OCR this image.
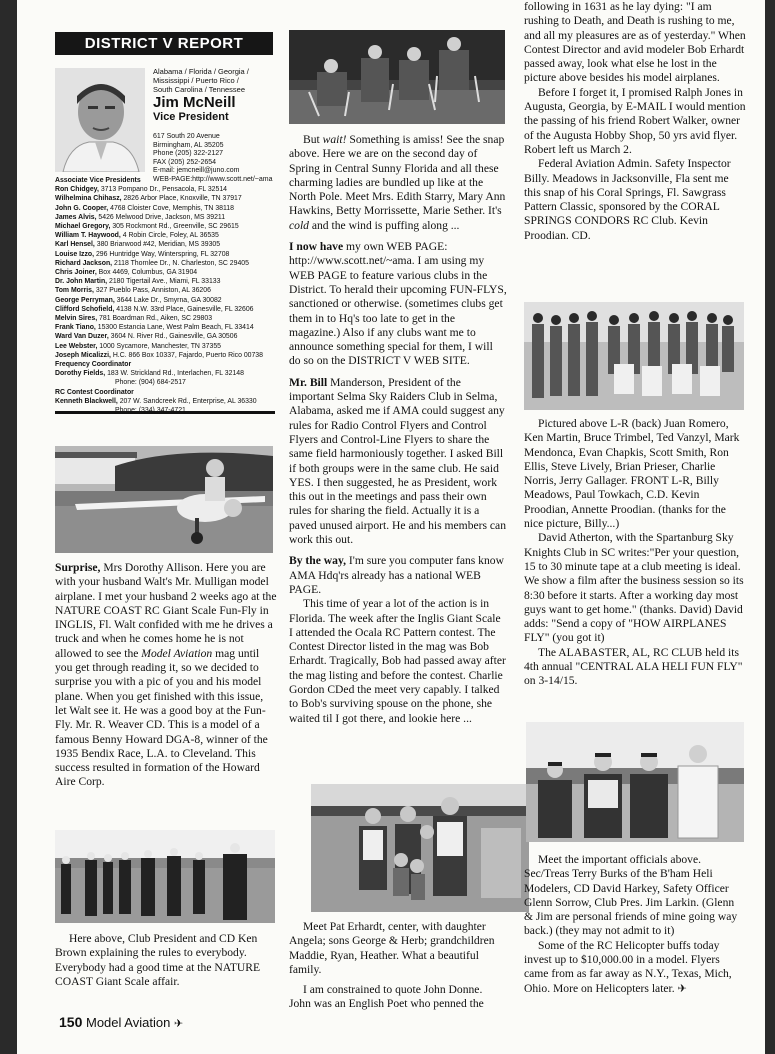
DISTRICT V REPORT
Alabama / Florida / Georgia /
Mississippi / Puerto Rico /
South Carolina / Tennessee
Jim McNeill
Vice President
617 South 20 Avenue
Birmingham, AL 35205
Phone (205) 322-2127
FAX (205) 252-2654
E-mail: jemcneill@juno.com
WEB-PAGE:http://www.scott.net/~ama
Associate Vice Presidents
Ron Chidgey, 3713 Pompano Dr., Pensacola, FL 32514
Wilhelmina Chihasz, 2826 Arbor Place, Knoxville, TN 37917
John G. Cooper, 4768 Cloister Cove, Memphis, TN 38118
James Alvis, 5426 Melwood Drive, Jackson, MS 39211
Michael Gregory, 305 Rockmont Rd., Greenville, SC 29615
William T. Haywood, 4 Robin Circle, Foley, AL 36535
Karl Hensel, 380 Briarwood #42, Meridian, MS 39305
Louise Izzo, 296 Huntridge Way, Winterspring, FL 32708
Richard Jackson, 2118 Thornlee Dr., N. Charleston, SC 29405
Chris Joiner, Box 4469, Columbus, GA 31904
Dr. John Martin, 2180 Tigertail Ave., Miami, FL 33133
Tom Morris, 327 Pueblo Pass, Anniston, AL 36206
George Perryman, 3644 Lake Dr., Smyrna, GA 30082
Clifford Schofield, 4138 N.W. 33rd Place, Gainesville, FL 32606
Melvin Sires, 781 Boardman Rd., Aiken, SC 29803
Frank Tiano, 15300 Estancia Lane, West Palm Beach, FL 33414
Ward Van Duzer, 3604 N. River Rd., Gainesville, GA 30506
Lee Webster, 1000 Sycamore, Manchester, TN 37355
Joseph Micalizzi, H.C. 866 Box 10337, Fajardo, Puerto Rico 00738
Frequency Coordinator
Dorothy Fields, 183 W. Strickland Rd., Interlachen, FL 32148
Phone: (904) 684-2517
RC Contest Coordinator
Kenneth Blackwell, 207 W. Sandcreek Rd., Enterprise, AL 36330

Surprise, Mrs Dorothy Allison. Here you are with your husband Walt's Mr. Mulligan model airplane. I met your husband 2 weeks ago at the NATURE COAST RC Giant Scale Fun-Fly in INGLIS, Fl. Walt confided with me he drives a truck and when he comes home he is not allowed to see the Model Aviation mag until you get through reading it, so we decided to surprise you with a pic of you and his model plane. When you get finished with this issue, let Walt see it. He was a good boy at the Fun-Fly. Mr. R. Weaver CD. This is a model of a famous Benny Howard DGA-8, winner of the 1935 Bendix Race, L.A. to Cleveland. This success resulted in formation of the Howard Aire Corp.

Here above, Club President and CD Ken Brown explaining the rules to everybody. Everybody had a good time at the NATURE COAST Giant Scale affair.

But wait! Something is amiss! See the snap above. Here we are on the second day of Spring in Central Sunny Florida and all these charming ladies are bundled up like at the North Pole. Meet Mrs. Edith Starry, Mary Ann Hawkins, Betty Morrissette, Marie Sether. It's cold and the wind is puffing along ...

I now have my own WEB PAGE: http://www.scott.net/~ama. I am using my WEB PAGE to feature various clubs in the District. To herald their upcoming FUN-FLYS, sanctioned or otherwise. (sometimes clubs get them in to Hq's too late to get in the magazine.) Also if any clubs want me to announce something special for them, I will do so on the DISTRICT V WEB SITE.

Mr. Bill Manderson, President of the important Selma Sky Raiders Club in Selma, Alabama, asked me if AMA could suggest any rules for Radio Control Flyers and Control Flyers and Control-Line Flyers to share the same field harmoniously together. I asked Bill if both groups were in the same club. He said YES. I then suggested, he as President, work this out in the meetings and pass their own rules for sharing the field. Actually it is a paved unused airport. He and his members can work this out.

By the way, I'm sure you computer fans know AMA Hdq'rs already has a national WEB PAGE.

This time of year a lot of the action is in Florida. The week after the Inglis Giant Scale I attended the Ocala RC Pattern contest. The Contest Director listed in the mag was Bob Erhardt. Tragically, Bob had passed away after the mag listing and before the contest. Charlie Gordon CDed the meet very capably. I talked to Bob's surviving spouse on the phone, she waited til I got there, and lookie here ...

Meet Pat Erhardt, center, with daughter Angela; sons George & Herb; grandchildren Maddie, Ryan, Heather. What a beautiful family.

I am constrained to quote John Donne. John was an English Poet who penned the

following in 1631 as he lay dying: "I am rushing to Death, and Death is rushing to me, and all my pleasures are as of yesterday." When Contest Director and avid modeler Bob Erhardt passed away, look what else he lost in the picture above besides his model airplanes.

Before I forget it, I promised Ralph Jones in Augusta, Georgia, by E-MAIL I would mention the passing of his friend Robert Walker, owner of the Augusta Hobby Shop, 50 yrs avid flyer. Robert left us March 2.

Federal Aviation Admin. Safety Inspector Billy. Meadows in Jacksonville, Fla sent me this snap of his Coral Springs, Fl. Sawgrass Pattern Classic, sponsored by the CORAL SPRINGS CONDORS RC Club. Kevin Proodian. CD.

Pictured above L-R (back) Juan Romero, Ken Martin, Bruce Trimbel, Ted Vanzyl, Mark Mendonca, Evan Chapkis, Scott Smith, Ron Ellis, Steve Lively, Brian Prieser, Charlie Norris, Jerry Gallager. FRONT L-R, Billy Meadows, Paul Towkach, C.D. Kevin Proodian, Annette Proodian. (thanks for the nice picture, Billy...)

David Atherton, with the Spartanburg Sky Knights Club in SC writes:"Per your question, 15 to 30 minute tape at a club meeting is ideal. We show a film after the business session so its 8:30 before it starts. After a working day most guys want to get home." (thanks. David) David adds: "Send a copy of "HOW AIRPLANES FLY" (you got it)

The ALABASTER, AL, RC CLUB held its 4th annual "CENTRAL ALA HELI FUN FLY" on 3-14/15.

Meet the important officials above. Sec/Treas Terry Burks of the B'ham Heli Modelers, CD David Harkey, Safety Officer Glenn Sorrow, Club Pres. Jim Larkin. (Glenn & Jim are personal friends of mine going way back.) (they may not admit to it)

Some of the RC Helicopter buffs today invest up to $10,000.00 in a model. Flyers came from as far away as N.Y., Texas, Mich, Ohio. More on Helicopters later. ✈

150 Model Aviation ✈
